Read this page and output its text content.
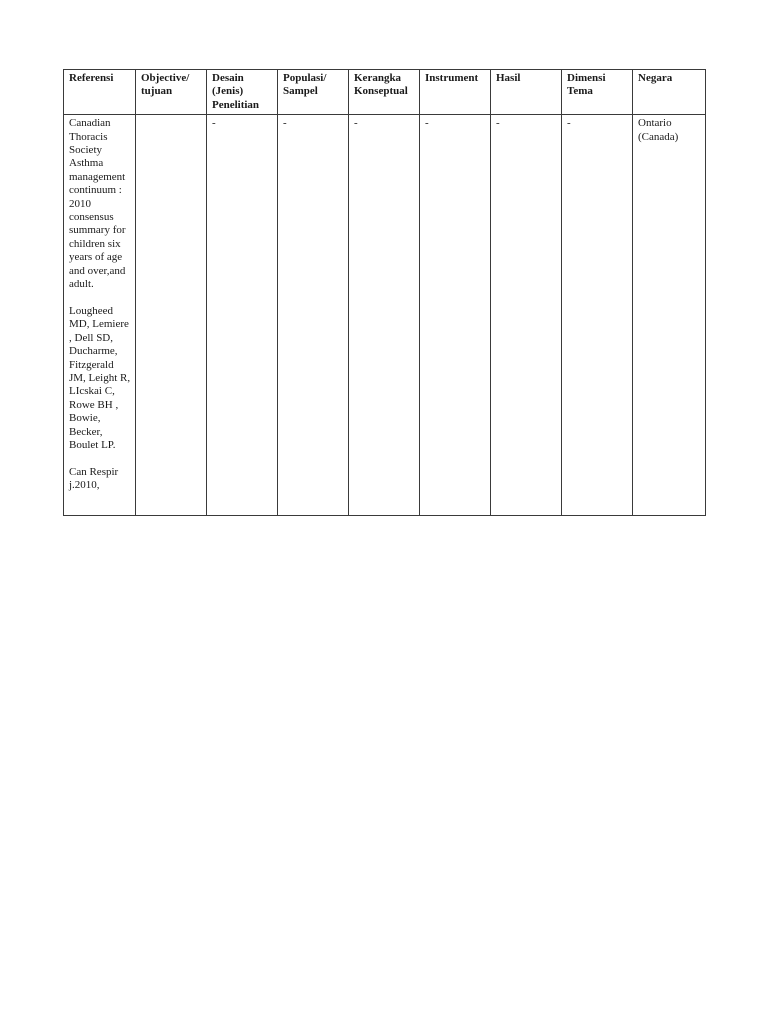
Referensi	Objective/ tujuan	Desain (Jenis) Penelitian	Populasi/ Sampel	Kerangka Konseptual	Instrument	Hasil	Dimensi Tema	Negara

Canadian Thoracis Society Asthma management continuum : 2010 consensus summary for children six years of age and over,and adult.
Lougheed MD, Lemiere , Dell SD, Ducharme, Fitzgerald JM, Leight R, LIcskai C, Rowe BH , Bowie, Becker, Boulet LP.
Can Respir j.2010,		-	-	-	-	-	-	Ontario
(Canada)
